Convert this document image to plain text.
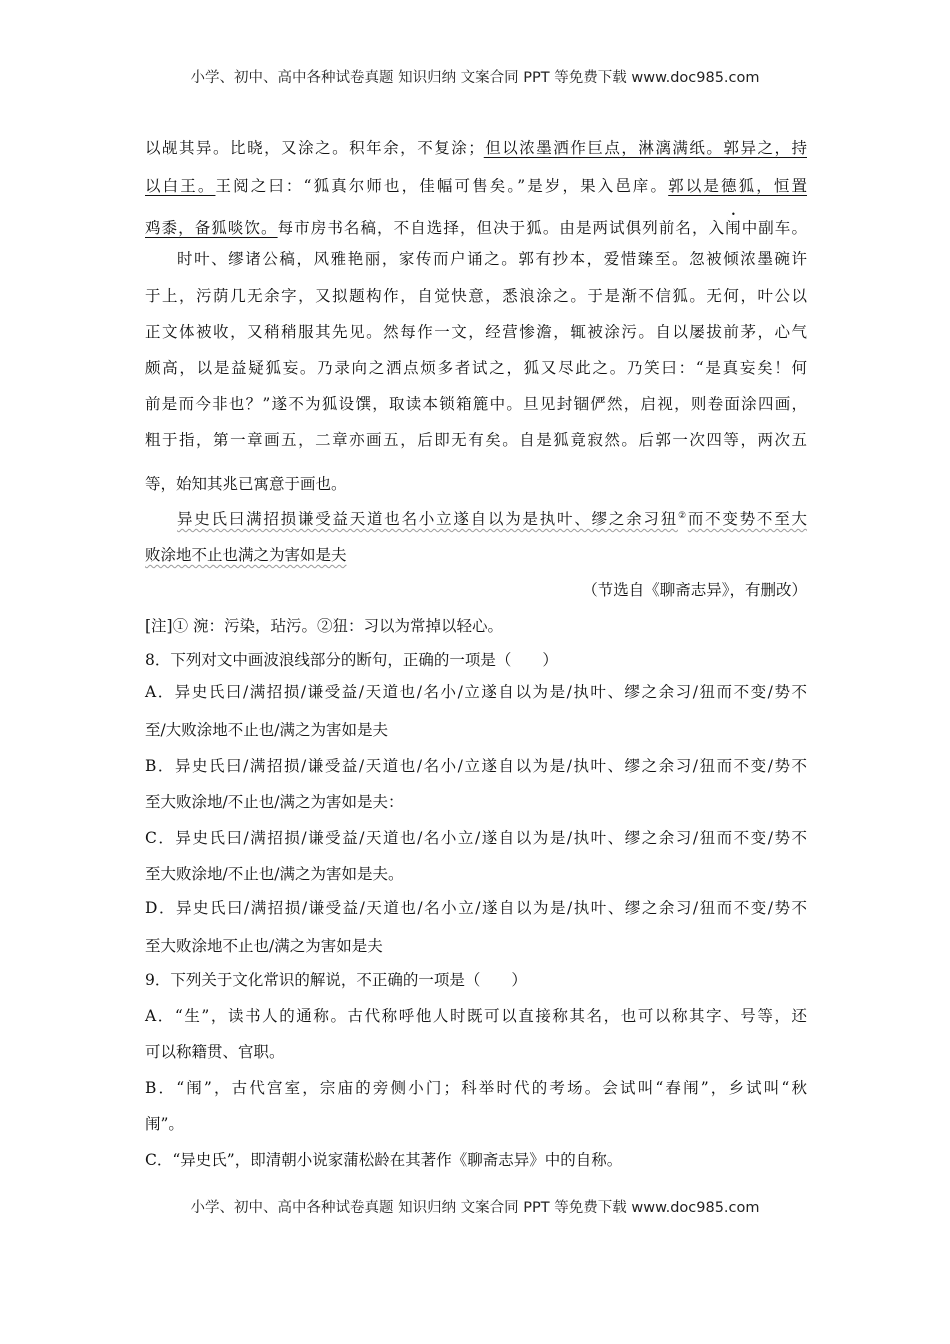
小学、初中、高中各种试卷真题 知识归纳 文案合同 PPT 等免费下载 www.doc985.com
以觇其异。比晓，又涂之。积年余，不复涂；但以浓墨洒作巨点，淋漓满纸。郭异之，持
以白王。王阅之曰：“狐真尔师也，佳幅可售矣。”是岁，果入邑庠。郭以是德狐，恒置
鸡黍，备狐啖饮。每市房书名稿，不自选择，但决于狐。由是两试俱列前名，入闱中副车。
时叶、缪诸公稿，风雅艳丽，家传而户诵之。郭有抄本，爱惜臻至。忽被倾浓墨碗许
于上，污荫几无余字，又拟题构作，自觉快意，悉浪涂之。于是渐不信狐。无何，叶公以
正文体被收，又稍稍服其先见。然每作一文，经营惨澹，辄被涂污。自以屡拔前茅，心气
颇高，以是益疑狐妄。乃录向之洒点烦多者试之，狐又尽此之。乃笑曰：“是真妄矣！何
前是而今非也？”遂不为狐设馔，取读本锁箱簏中。旦见封锢俨然，启视，则卷面涂四画，
粗于指，第一章画五，二章亦画五，后即无有矣。自是狐竟寂然。后郭一次四等，两次五
等，始知其兆已寓意于画也。
异史氏曰满招损谦受益天道也名小立遂自以为是执叶、缪之余习狃②而不变势不至大
败涂地不止也满之为害如是夫
（节选自《聊斋志异》，有删改）
[注]① 涴：污染，玷污。②狃：习以为常掉以轻心。
8．下列对文中画波浪线部分的断句，正确的一项是（　　）
A．异史氏曰/满招损/谦受益/天道也/名小/立遂自以为是/执叶、缪之余习/狃而不变/势不
至/大败涂地不止也/满之为害如是夫
B．异史氏曰/满招损/谦受益/天道也/名小/立遂自以为是/执叶、缪之余习/狃而不变/势不
至大败涂地/不止也/满之为害如是夫：
C．异史氏曰/满招损/谦受益/天道也/名小立/遂自以为是/执叶、缪之余习/狃而不变/势不
至大败涂地/不止也/满之为害如是夫。
D．异史氏曰/满招损/谦受益/天道也/名小立/遂自以为是/执叶、缪之余习/狃而不变/势不
至大败涂地不止也/满之为害如是夫
9．下列关于文化常识的解说，不正确的一项是（　　）
A．“生”，读书人的通称。古代称呼他人时既可以直接称其名，也可以称其字、号等，还
可以称籍贯、官职。
B．“闱”，古代宫室，宗庙的旁侧小门；科举时代的考场。会试叫“春闱”，乡试叫“秋
闱”。
C．“异史氏”，即清朝小说家蒲松龄在其著作《聊斋志异》中的自称。
小学、初中、高中各种试卷真题 知识归纳 文案合同 PPT 等免费下载 www.doc985.com
